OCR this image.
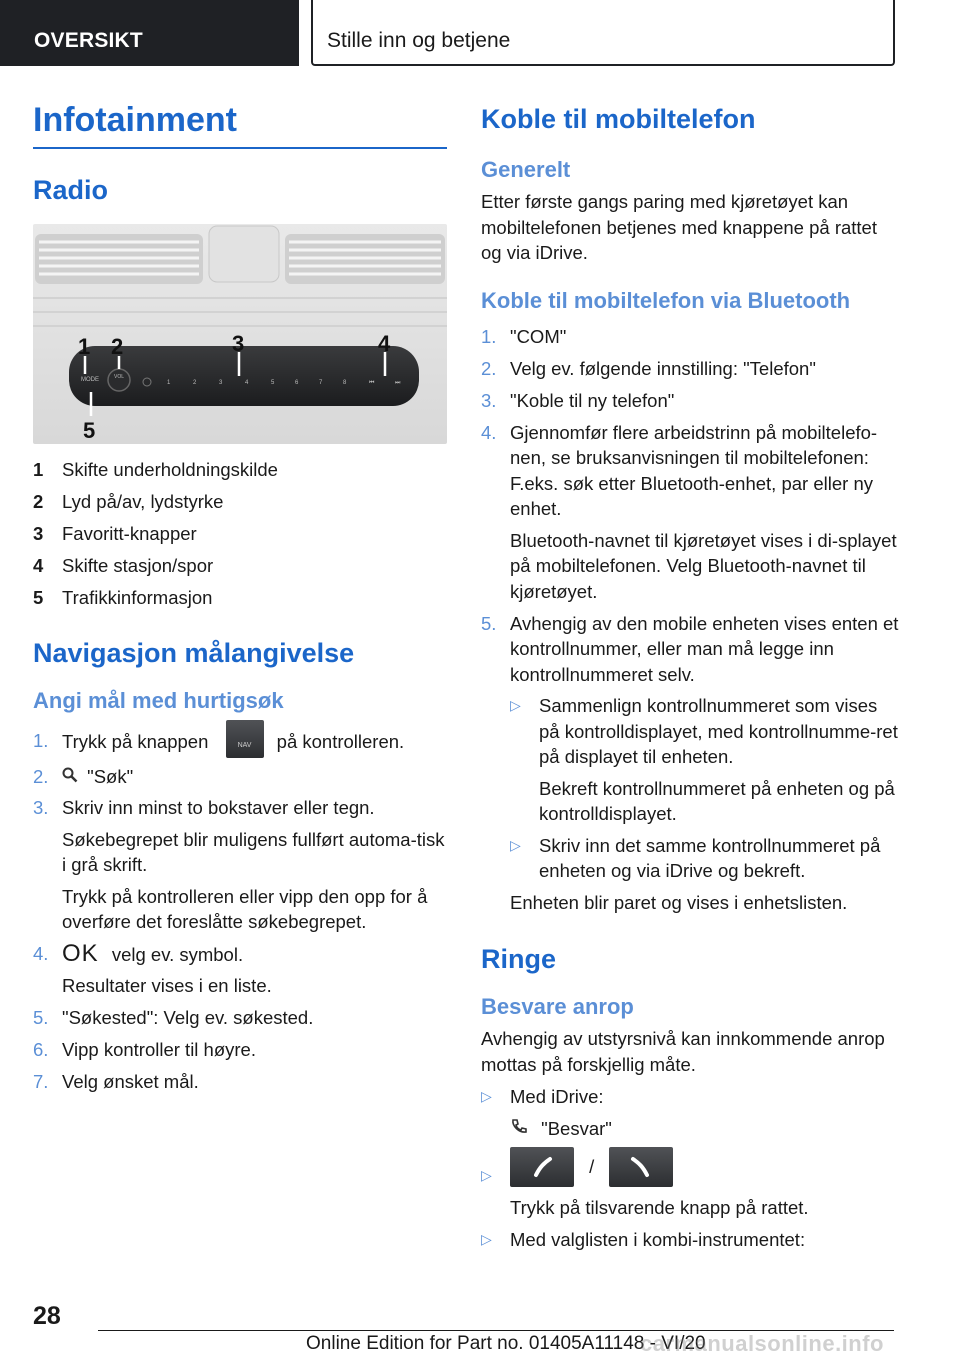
OVERSIKT	Stille inn og betjene
Infotainment
Radio
MODE	VOL
1	2	3	4	5	6	7	8	⏮	⏭
1 2	3	4
5
1 Skifte underholdningskilde
2 Lyd på/av, lydstyrke
3 Favoritt-knapper
4 Skifte stasjon/spor
5 Trafikkinformasjon
Navigasjon målangivelse
Angi mål med hurtigsøk
1. Trykk på knappen	NAV	på kontrolleren.
2. "Søk"
3. Skriv inn minst to bokstaver eller tegn.
Søkebegrepet blir muligens fullført automa-tisk i grå skrift.
Trykk på kontrolleren eller vipp den opp for å overføre det foreslåtte søkebegrepet.
4. OK velg ev. symbol.
Resultater vises i en liste.
5. "Søkested": Velg ev. søkested.
6. Vipp kontroller til høyre.
7. Velg ønsket mål.
Koble til mobiltelefon
Generelt
Etter første gangs paring med kjøretøyet kan mobiltelefonen betjenes med knappene på rattet og via iDrive.
Koble til mobiltelefon via Bluetooth
1. "COM"
2. Velg ev. følgende innstilling: "Telefon"
3. "Koble til ny telefon"
4. Gjennomfør flere arbeidstrinn på mobiltelefo-nen, se bruksanvisningen til mobiltelefonen: F.eks. søk etter Bluetooth-enhet, par eller ny enhet.
Bluetooth-navnet til kjøretøyet vises i di-splayet på mobiltelefonen. Velg Bluetooth-navnet til kjøretøyet.
5. Avhengig av den mobile enheten vises enten et kontrollnummer, eller man må legge inn kontrollnummeret selv.
▷ Sammenlign kontrollnummeret som vises på kontrolldisplayet, med kontrollnumme-ret på displayet til enheten.
Bekreft kontrollnummeret på enheten og på kontrolldisplayet.
▷ Skriv inn det samme kontrollnummeret på enheten og via iDrive og bekreft.
Enheten blir paret og vises i enhetslisten.
Ringe
Besvare anrop
Avhengig av utstyrsnivå kan innkommende anrop mottas på forskjellig måte.
▷ Med iDrive:
"Besvar"
▷	/
Trykk på tilsvarende knapp på rattet.
▷ Med valglisten i kombi-instrumentet:
28
Online Edition for Part no. 01405A11148 - VI/20
carmanualsonline.info
